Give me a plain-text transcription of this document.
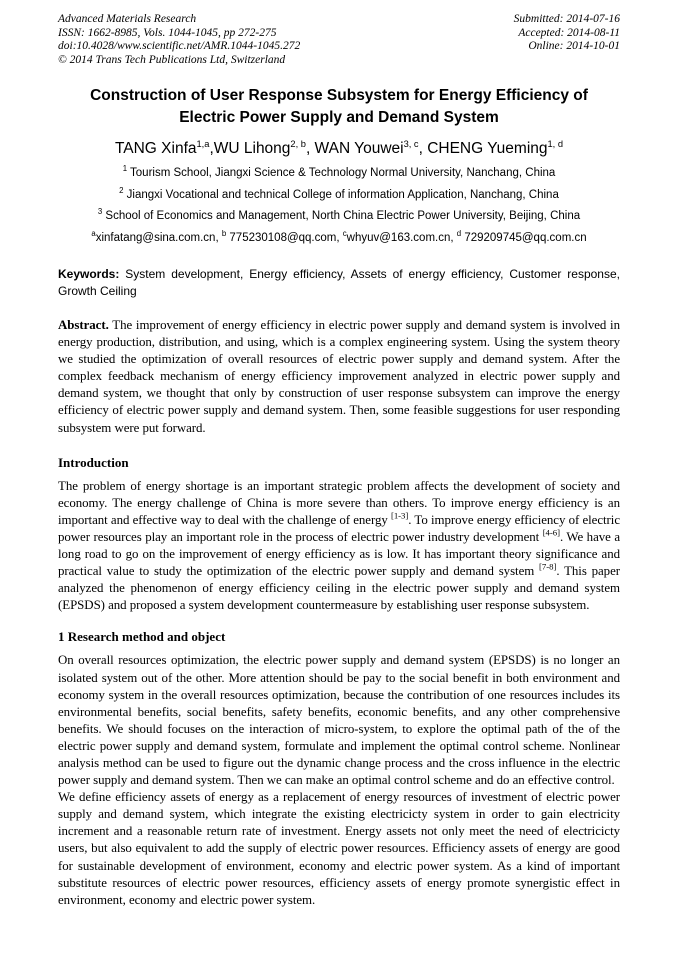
Advanced Materials Research
ISSN: 1662-8985, Vols. 1044-1045, pp 272-275
doi:10.4028/www.scientific.net/AMR.1044-1045.272
© 2014 Trans Tech Publications Ltd, Switzerland
Submitted: 2014-07-16
Accepted: 2014-08-11
Online: 2014-10-01
Construction of User Response Subsystem for Energy Efficiency of Electric Power Supply and Demand System
TANG Xinfa$^{1,a}$,WU Lihong$^{2, b}$, WAN Youwei$^{3, c}$, CHENG Yueming$^{1, d}$
$^1$ Tourism School, Jiangxi Science & Technology Normal University, Nanchang, China
$^2$ Jiangxi Vocational and technical College of information Application, Nanchang, China
$^3$ School of Economics and Management, North China Electric Power University, Beijing, China
$^a$xinfatang@sina.com.cn, $^b$ 775230108@qq.com, $^c$whyuv@163.com.cn, $^d$ 729209745@qq.com.cn
Keywords: System development, Energy efficiency, Assets of energy efficiency, Customer response, Growth Ceiling

Abstract. The improvement of energy efficiency in electric power supply and demand system is involved in energy production, distribution, and using, which is a complex engineering system. Using the system theory we studied the optimization of overall resources of electric power supply and demand system. After the complex feedback mechanism of energy efficiency improvement analyzed in electric power supply and demand system, we thought that only by construction of user response subsystem can improve the energy efficiency of electric power supply and demand system. Then, some feasible suggestions for user responding subsystem were put forward.

Introduction

The problem of energy shortage is an important strategic problem affects the development of society and economy. The energy challenge of China is more severe than others. To improve energy efficiency is an important and effective way to deal with the challenge of energy [1-3]. To improve energy efficiency of electric power resources play an important role in the process of electric power industry development [4-6]. We have a long road to go on the improvement of energy efficiency as is low. It has important theory significance and practical value to study the optimization of the electric power supply and demand system [7-8]. This paper analyzed the phenomenon of energy efficiency ceiling in the electric power supply and demand system (EPSDS) and proposed a system development countermeasure by establishing user response subsystem.

1 Research method and object

On overall resources optimization, the electric power supply and demand system (EPSDS) is no longer an isolated system out of the other. More attention should be pay to the social benefit in both environment and economy system in the overall resources optimization, because the contribution of one resources includes its environmental benefits, social benefits, safety benefits, economic benefits, and any other comprehensive benefits. We should focuses on the interaction of micro-system, to explore the optimal path of the of the electric power supply and demand system, formulate and implement the optimal control scheme. Nonlinear analysis method can be used to figure out the dynamic change process and the cross influence in the electric power supply and demand system. Then we can make an optimal control scheme and do an effective control.

We define efficiency assets of energy as a replacement of energy resources of investment of electric power supply and demand system, which integrate the existing electricicty system in order to gain electricity increment and a reasonable return rate of investment. Energy assets not only meet the need of electricicty users, but also equivalent to add the supply of electric power resources. Efficiency assets of energy are good for sustainable development of environment, economy and electric power system. As a kind of important substitute resources of electric power resources, efficiency assets of energy promote synergistic effect in environment, economy and electric power system.
